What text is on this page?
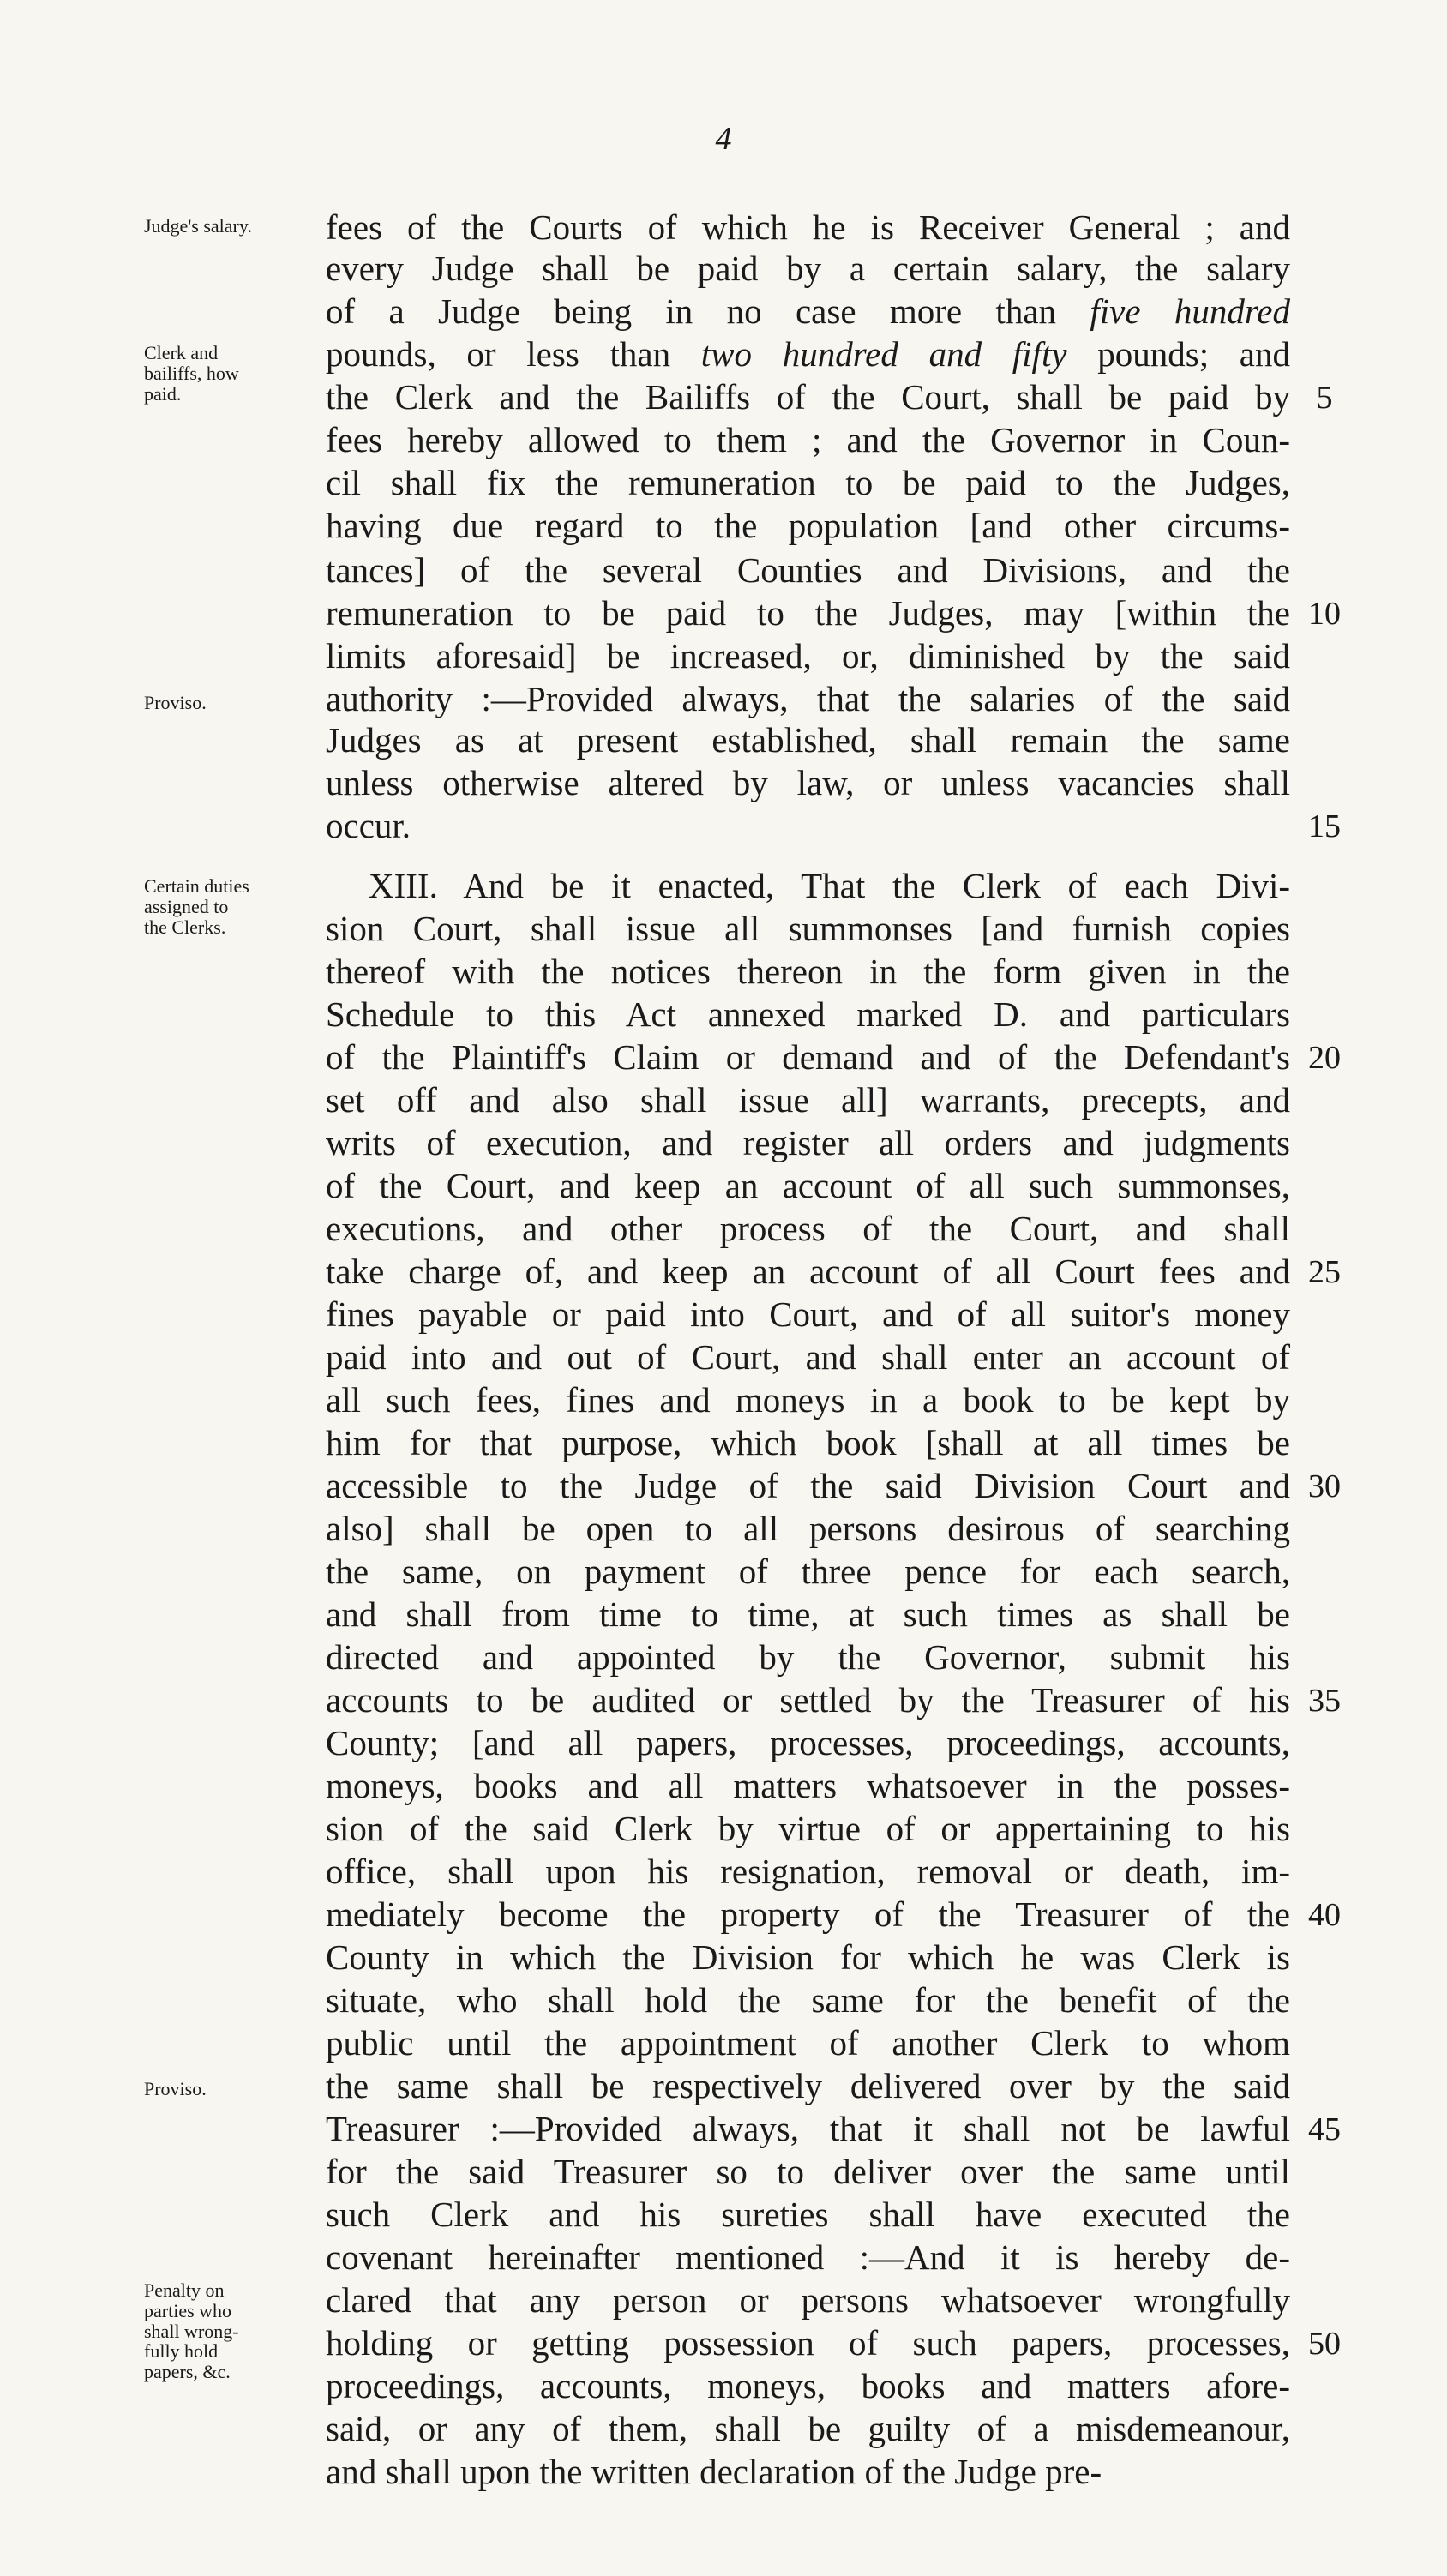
4
Judge's salary.
Clerk and
bailiffs, how
paid.
Proviso.
Certain duties
assigned to
the Clerks.
Proviso.
Penalty on
parties who
shall wrong-
fully hold
papers, &c.
fees of the Courts of which he is Receiver General ; and
every Judge shall be paid by a certain salary, the salary
of a Judge being in no case more than five hundred
pounds, or less than two hundred and fifty pounds; and
the Clerk and the Bailiffs of the Court, shall be paid by
fees hereby allowed to them ; and the Governor in Coun-
cil shall fix the remuneration to be paid to the Judges,
having due regard to the population [and other circums-
tances] of the several Counties and Divisions, and the
remuneration to be paid to the Judges, may [within the
limits aforesaid] be increased, or, diminished by the said
authority :—Provided always, that the salaries of the said
Judges as at present established, shall remain the same
unless otherwise altered by law, or unless vacancies shall
occur.
XIII. And be it enacted, That the Clerk of each Divi-
sion Court, shall issue all summonses [and furnish copies
thereof with the notices thereon in the form given in the
Schedule to this Act annexed marked D. and particulars
of the Plaintiff's Claim or demand and of the Defendant's
set off and also shall issue all] warrants, precepts, and
writs of execution, and register all orders and judgments
of the Court, and keep an account of all such summonses,
executions, and other process of the Court, and shall
take charge of, and keep an account of all Court fees and
fines payable or paid into Court, and of all suitor's money
paid into and out of Court, and shall enter an account of
all such fees, fines and moneys in a book to be kept by
him for that purpose, which book [shall at all times be
accessible to the Judge of the said Division Court and
also] shall be open to all persons desirous of searching
the same, on payment of three pence for each search,
and shall from time to time, at such times as shall be
directed and appointed by the Governor, submit his
accounts to be audited or settled by the Treasurer of his
County; [and all papers, processes, proceedings, accounts,
moneys, books and all matters whatsoever in the posses-
sion of the said Clerk by virtue of or appertaining to his
office, shall upon his resignation, removal or death, im-
mediately become the property of the Treasurer of the
County in which the Division for which he was Clerk is
situate, who shall hold the same for the benefit of the
public until the appointment of another Clerk to whom
the same shall be respectively delivered over by the said
Treasurer :—Provided always, that it shall not be lawful
for the said Treasurer so to deliver over the same until
such Clerk and his sureties shall have executed the
covenant hereinafter mentioned :—And it is hereby de-
clared that any person or persons whatsoever wrongfully
holding or getting possession of such papers, processes,
proceedings, accounts, moneys, books and matters afore-
said, or any of them, shall be guilty of a misdemeanour,
and shall upon the written declaration of the Judge pre-
5
10
15
20
25
30
35
40
45
50
